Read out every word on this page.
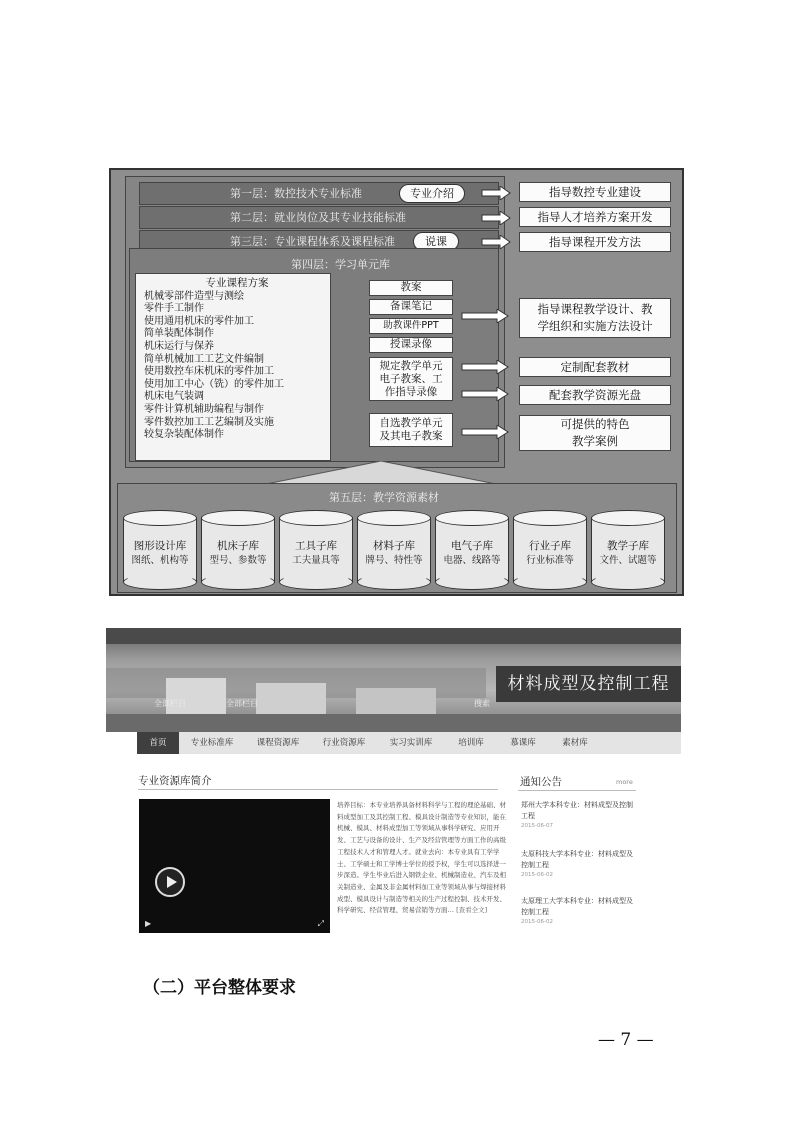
第一层：数控技术专业标准
第二层：就业岗位及其专业技能标准
第三层：专业课程体系及课程标准
专业介绍
说课
第四层：学习单元库
专业课程方案
机械零部件造型与测绘
零件手工制作
使用通用机床的零件加工
简单装配体制作
机床运行与保养
简单机械加工工艺文件编制
使用数控车床机床的零件加工
使用加工中心（铣）的零件加工
机床电气装调
零件计算机辅助编程与制作
零件数控加工工艺编制及实施
较复杂装配体制作
教案
备课笔记
助教课件PPT
授课录像
规定教学单元
电子教案、工
作指导录像
自选教学单元
及其电子教案
指导数控专业建设
指导人才培养方案开发
指导课程开发方法
指导课程教学设计、教
学组织和实施方法设计
定制配套教材
配套教学资源光盘
可提供的特色
教学案例
第五层：教学资源素材
图形设计库
图纸、机构等
机床子库
型号、参数等
工具子库
工夫量具等
材料子库
牌号、特性等
电气子库
电器、线路等
行业子库
行业标准等
教学子库
文件、试题等
材料成型及控制工程
全部栏目	全部栏目	搜索
首页	专业标准库	课程资源库	行业资源库	实习实训库	培训库	慕课库	素材库
专业资源库简介
▶	⤢
培养目标：本专业培养具备材料科学与工程的理论基础、材料成型加工及其控制工程、模具设计制造等专业知识，能在机械、模具、材料成型加工等领域从事科学研究、应用开发、工艺与设备的设计、生产及经营管理等方面工作的高级工程技术人才和管理人才。就业去向：本专业具有工学学士、工学硕士和工学博士学位的授予权，学生可以选择进一步深造。学生毕业后进入钢铁企业、机械制造业、汽车及相关制造业、金属及非金属材料加工业等领域从事与焊接材料成型、模具设计与制造等相关的生产过程控制、技术开发、科学研究、经营管理、贸易营销等方面… [查看全文]
通知公告	more
郑州大学本科专业：材料成型及控制工程
2015-06-07
太原科技大学本科专业：材料成型及控制工程
2015-06-02
太原理工大学本科专业：材料成型及控制工程
2015-06-02
（二）平台整体要求
— 7 —
